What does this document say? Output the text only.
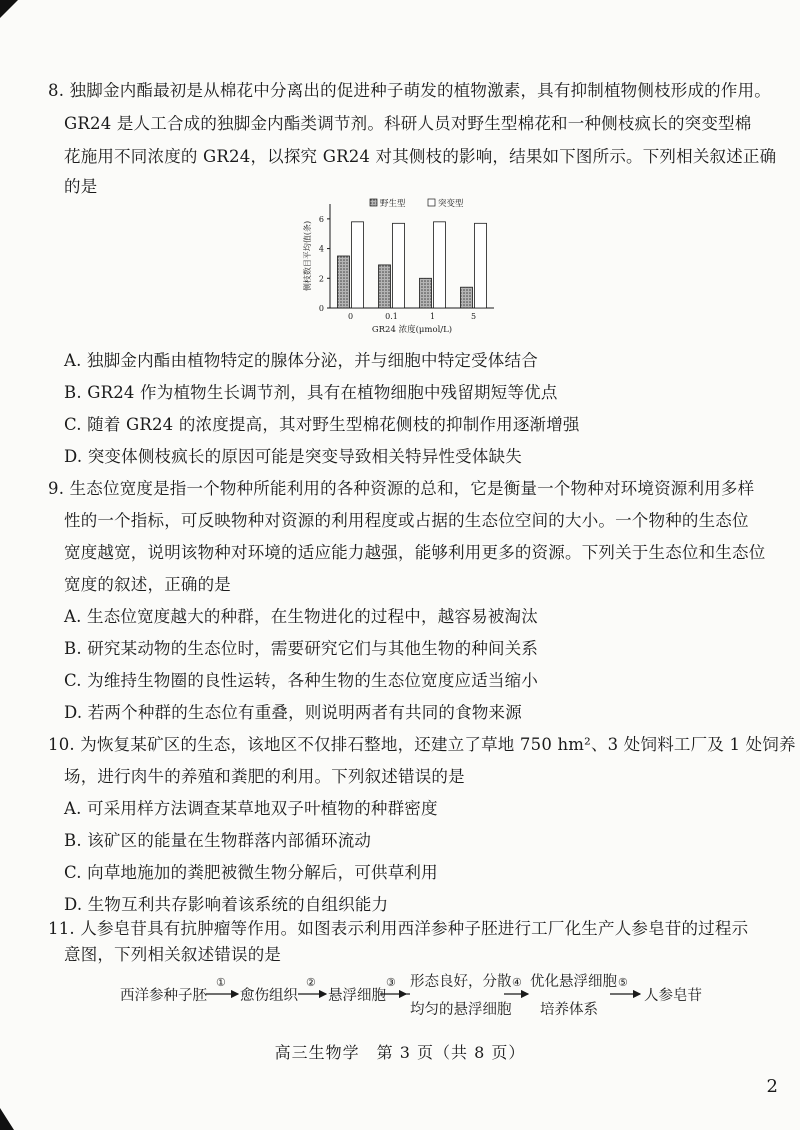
8. 独脚金内酯最初是从棉花中分离出的促进种子萌发的植物激素，具有抑制植物侧枝形成的作用。
GR24 是人工合成的独脚金内酯类调节剂。科研人员对野生型棉花和一种侧枝疯长的突变型棉
花施用不同浓度的 GR24，以探究 GR24 对其侧枝的影响，结果如下图所示。下列相关叙述正确
的是
0
2
4
6
0	0.1	1	5
GR24 浓度(μmol/L)
侧枝数目平均值(条)
野生型	突变型
A. 独脚金内酯由植物特定的腺体分泌，并与细胞中特定受体结合
B. GR24 作为植物生长调节剂，具有在植物细胞中残留期短等优点
C. 随着 GR24 的浓度提高，其对野生型棉花侧枝的抑制作用逐渐增强
D. 突变体侧枝疯长的原因可能是突变导致相关特异性受体缺失
9. 生态位宽度是指一个物种所能利用的各种资源的总和，它是衡量一个物种对环境资源利用多样
性的一个指标，可反映物种对资源的利用程度或占据的生态位空间的大小。一个物种的生态位
宽度越宽，说明该物种对环境的适应能力越强，能够利用更多的资源。下列关于生态位和生态位
宽度的叙述，正确的是
A. 生态位宽度越大的种群，在生物进化的过程中，越容易被淘汰
B. 研究某动物的生态位时，需要研究它们与其他生物的种间关系
C. 为维持生物圈的良性运转，各种生物的生态位宽度应适当缩小
D. 若两个种群的生态位有重叠，则说明两者有共同的食物来源
10. 为恢复某矿区的生态，该地区不仅排石整地，还建立了草地 750 hm²、3 处饲料工厂及 1 处饲养
场，进行肉牛的养殖和粪肥的利用。下列叙述错误的是
A. 可采用样方法调查某草地双子叶植物的种群密度
B. 该矿区的能量在生物群落内部循环流动
C. 向草地施加的粪肥被微生物分解后，可供草利用
D. 生物互利共存影响着该系统的自组织能力
11. 人参皂苷具有抗肿瘤等作用。如图表示利用西洋参种子胚进行工厂化生产人参皂苷的过程示
意图，下列相关叙述错误的是
西洋参种子胚
①
愈伤组织
②
悬浮细胞
③ 形态良好，分散
均匀的悬浮细胞
④ 优化悬浮细胞
培养体系
⑤
人参皂苷
高三生物学　第 3 页（共 8 页）
2
